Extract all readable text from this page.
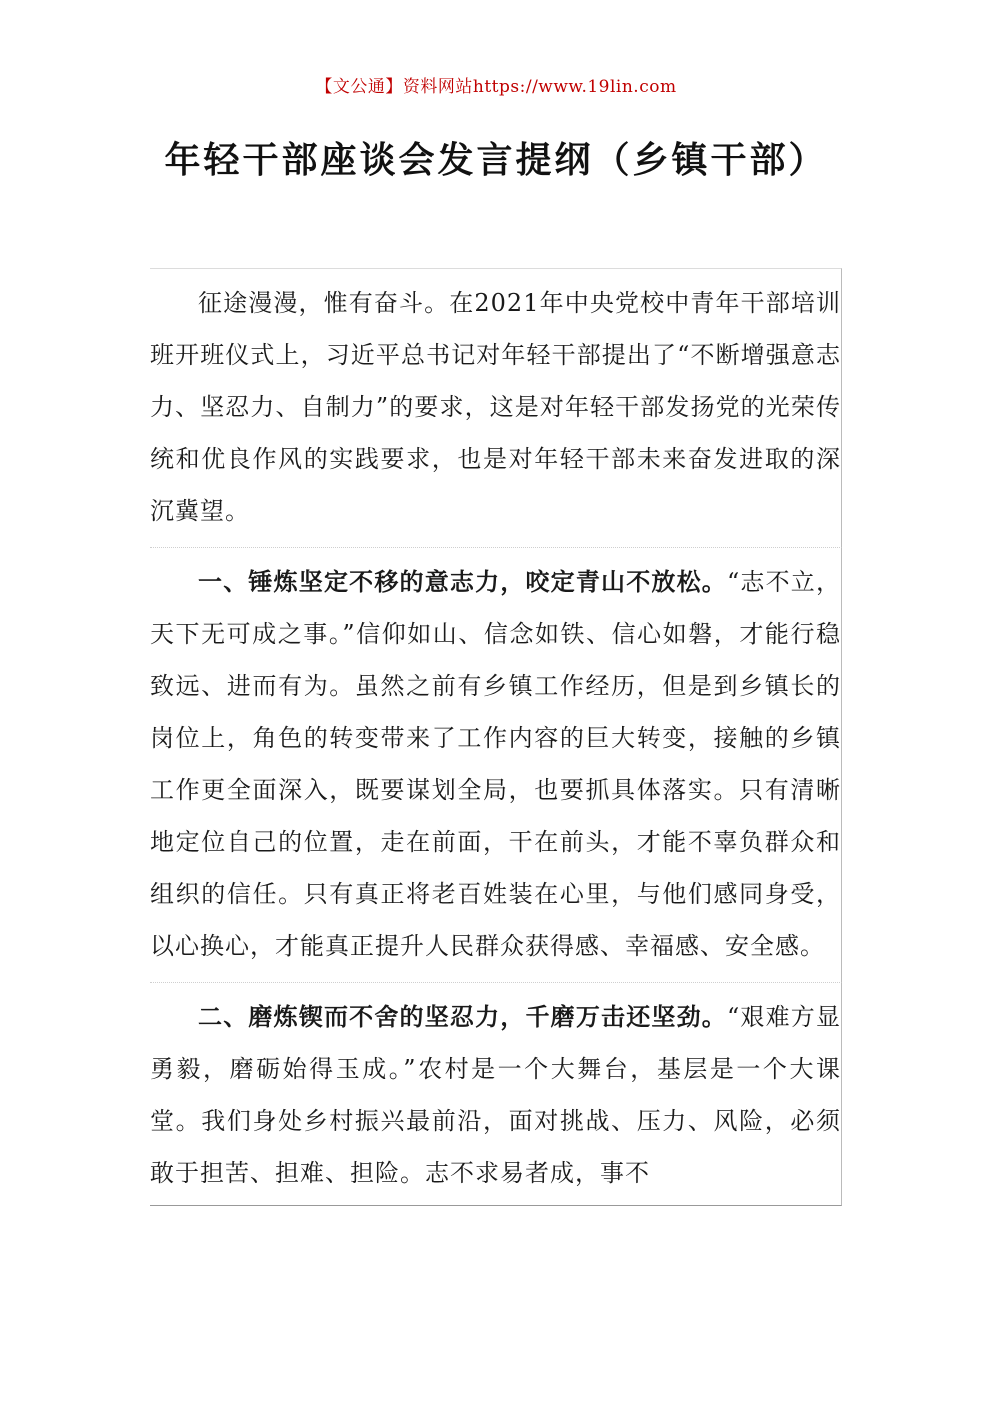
【文公通】资料网站https://www.19lin.com
年轻干部座谈会发言提纲（乡镇干部）
征途漫漫，惟有奋斗。在2021年中央党校中青年干部培训班开班仪式上，习近平总书记对年轻干部提出了“不断增强意志力、坚忍力、自制力”的要求，这是对年轻干部发扬党的光荣传统和优良作风的实践要求，也是对年轻干部未来奋发进取的深沉冀望。
一、锤炼坚定不移的意志力，咬定青山不放松。“志不立，天下无可成之事。”信仰如山、信念如铁、信心如磐，才能行稳致远、进而有为。虽然之前有乡镇工作经历，但是到乡镇长的岗位上，角色的转变带来了工作内容的巨大转变，接触的乡镇工作更全面深入，既要谋划全局，也要抓具体落实。只有清晰地定位自己的位置，走在前面，干在前头，才能不辜负群众和组织的信任。只有真正将老百姓装在心里，与他们感同身受，以心换心，才能真正提升人民群众获得感、幸福感、安全感。
二、磨炼锲而不舍的坚忍力，千磨万击还坚劲。“艰难方显勇毅，磨砺始得玉成。”农村是一个大舞台，基层是一个大课堂。我们身处乡村振兴最前沿，面对挑战、压力、风险，必须敢于担苦、担难、担险。志不求易者成，事不
